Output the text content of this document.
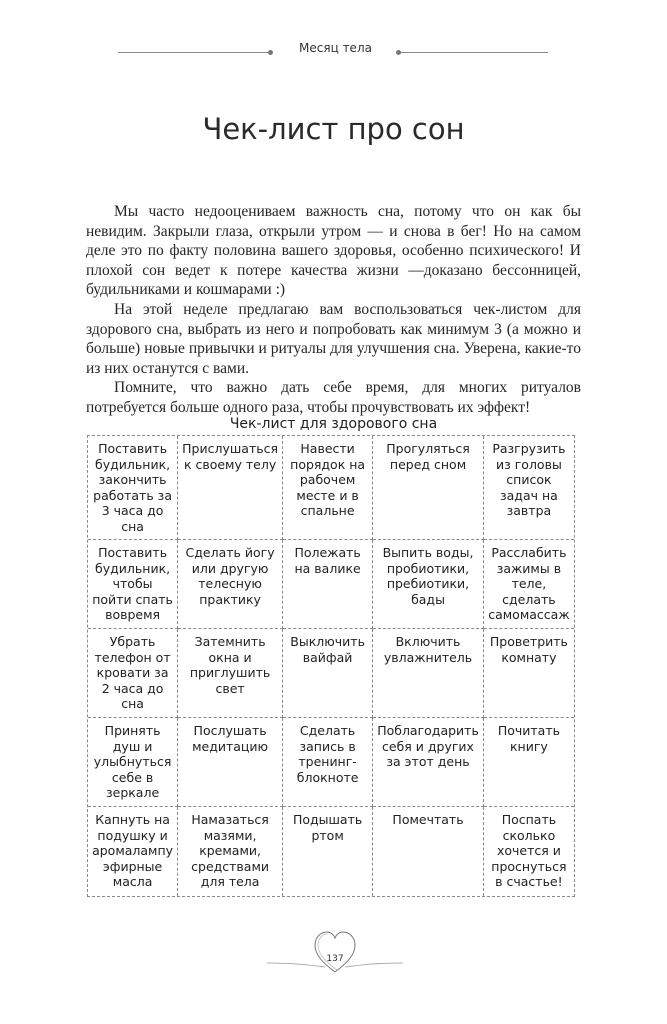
Месяц тела
Чек-лист про сон

Мы часто недооцениваем важность сна, потому что он как бы невидим. Закрыли глаза, открыли утром — и снова в бег! Но на самом деле это по факту половина вашего здоровья, особенно психического! И плохой сон ведет к потере качества жизни —доказано бессонницей, будильниками и кошмарами :)

На этой неделе предлагаю вам воспользоваться чек-листом для здорового сна, выбрать из него и попробовать как минимум 3 (а можно и больше) новые привычки и ритуалы для улучшения сна. Уверена, какие-то из них останутся с вами.

Помните, что важно дать себе время, для многих ритуалов потребуется больше одного раза, чтобы прочувствовать их эффект!

Чек-лист для здорового сна
Поставить будильник, закончить работать за 3 часа до сна
Прислушаться к своему телу
Навести порядок на рабочем месте и в спальне
Прогуляться перед сном
Разгрузить из головы список задач на завтра
Поставить будильник, чтобы пойти спать вовремя
Сделать йогу или другую телесную практику
Полежать на валике
Выпить воды, пробиотики, пребиотики, бады
Расслабить зажимы в теле, сделать самомассаж
Убрать телефон от кровати за 2 часа до сна
Затемнить окна и приглушить свет
Выключить вайфай
Включить увлажнитель
Проветрить комнату
Принять душ и улыбнуться себе в зеркале
Послушать медитацию
Сделать запись в тренинг-блокноте
Поблагодарить себя и других за этот день
Почитать книгу
Капнуть на подушку и аромалампу эфирные масла
Намазаться мазями, кремами, средствами для тела
Подышать ртом
Помечтать	Поспать сколько хочется и проснуться в счастье!
137
